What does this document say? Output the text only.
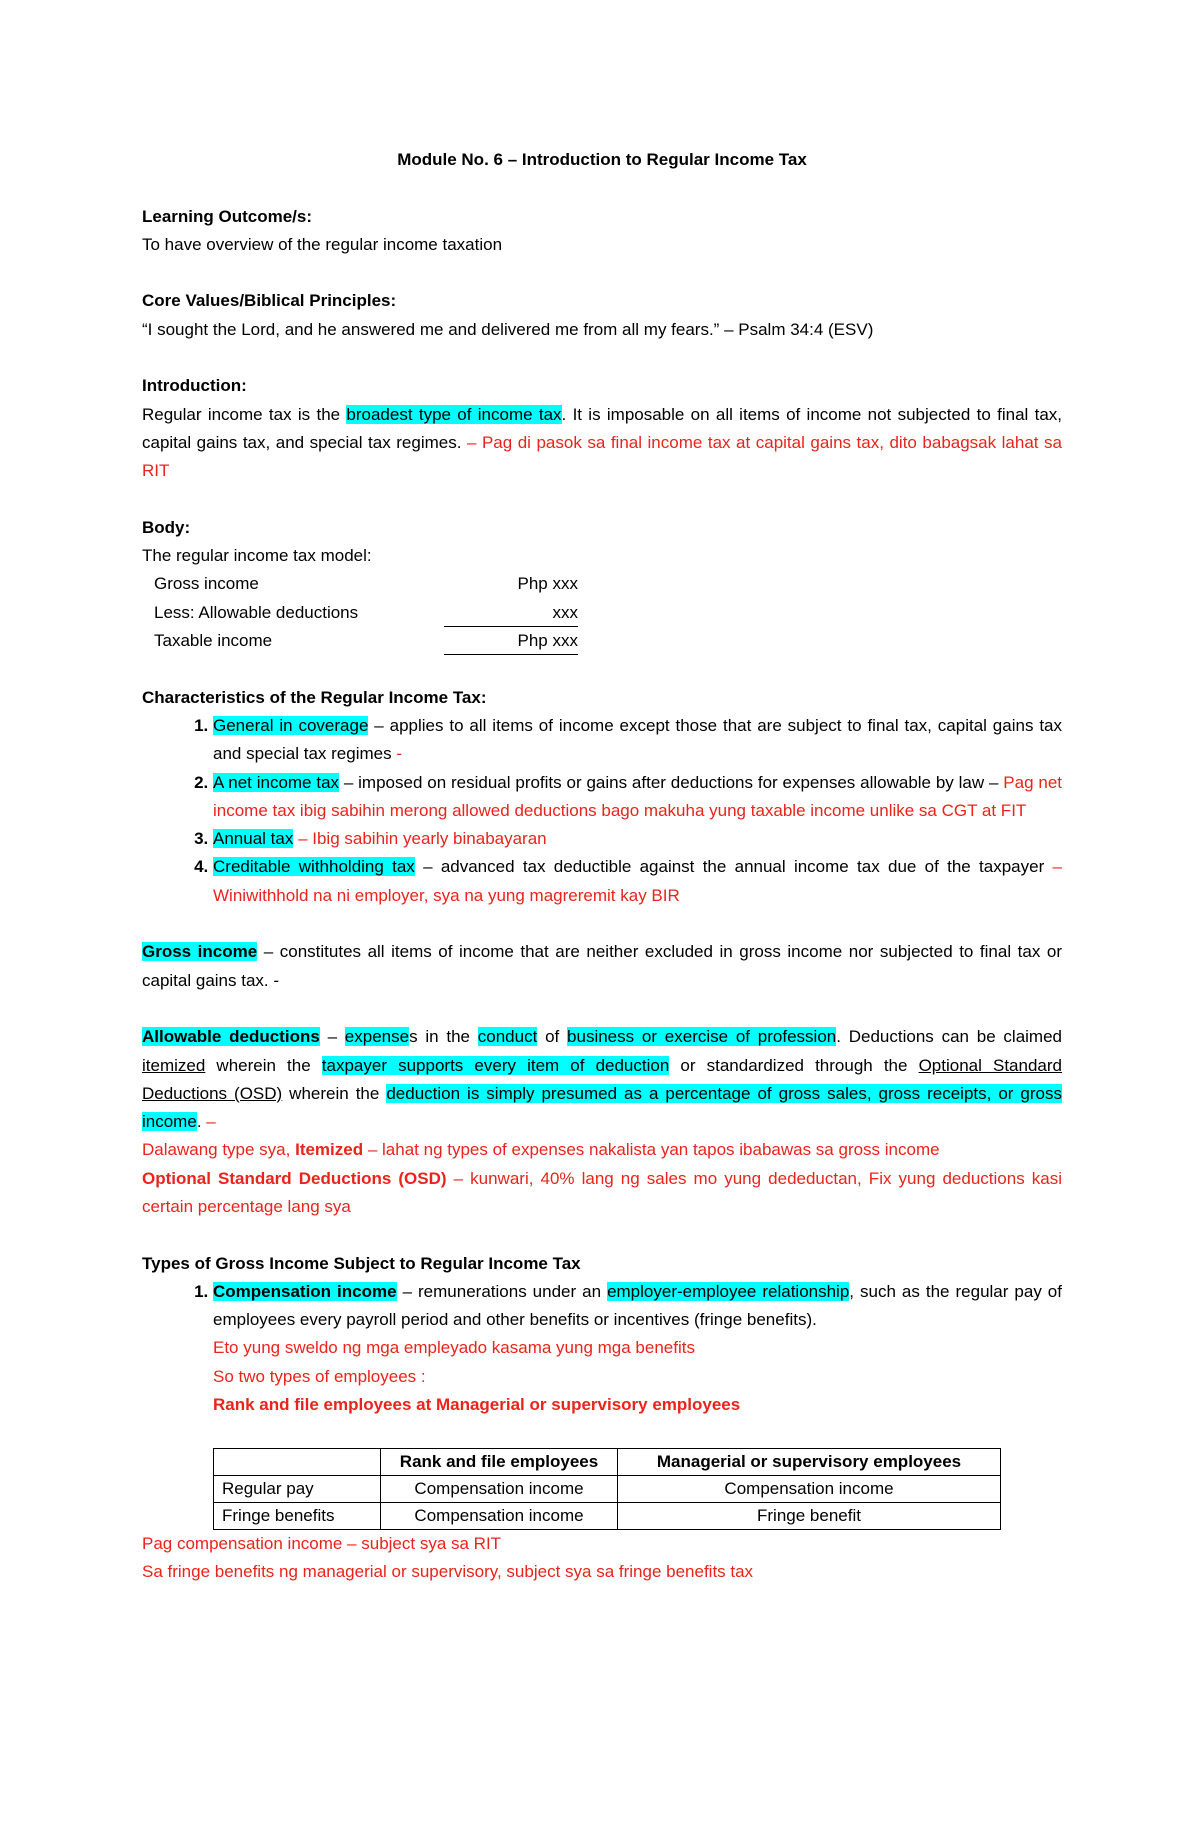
Module No. 6 – Introduction to Regular Income Tax

Learning Outcome/s:

To have overview of the regular income taxation

Core Values/Biblical Principles:

“I sought the Lord, and he answered me and delivered me from all my fears.” – Psalm 34:4 (ESV)

Introduction:

Regular income tax is the broadest type of income tax. It is imposable on all items of income not subjected to final tax, capital gains tax, and special tax regimes. – Pag di pasok sa final income tax at capital gains tax, dito babagsak lahat sa RIT

Body:

The regular income tax model:

Gross income	Php xxx
Less: Allowable deductions	xxx
Taxable income	Php xxx

Characteristics of the Regular Income Tax:

1. General in coverage – applies to all items of income except those that are subject to final tax, capital gains tax and special tax regimes -
2. A net income tax – imposed on residual profits or gains after deductions for expenses allowable by law – Pag net income tax ibig sabihin merong allowed deductions bago makuha yung taxable income unlike sa CGT at FIT
3. Annual tax – Ibig sabihin yearly binabayaran
4. Creditable withholding tax – advanced tax deductible against the annual income tax due of the taxpayer – Winiwithhold na ni employer, sya na yung magreremit kay BIR

Gross income – constitutes all items of income that are neither excluded in gross income nor subjected to final tax or capital gains tax. -

Allowable deductions – expenses in the conduct of business or exercise of profession. Deductions can be claimed itemized wherein the taxpayer supports every item of deduction or standardized through the Optional Standard Deductions (OSD) wherein the deduction is simply presumed as a percentage of gross sales, gross receipts, or gross income. –

Dalawang type sya, Itemized – lahat ng types of expenses nakalista yan tapos ibabawas sa gross income

Optional Standard Deductions (OSD) – kunwari, 40% lang ng sales mo yung dedeductan, Fix yung deductions kasi certain percentage lang sya

Types of Gross Income Subject to Regular Income Tax

1. Compensation income – remunerations under an employer-employee relationship, such as the regular pay of employees every payroll period and other benefits or incentives (fringe benefits).

Eto yung sweldo ng mga empleyado kasama yung mga benefits

So two types of employees :

Rank and file employees at Managerial or supervisory employees

	Rank and file employees	Managerial or supervisory employees
Regular pay	Compensation income	Compensation income
Fringe benefits	Compensation income	Fringe benefit

Pag compensation income – subject sya sa RIT

Sa fringe benefits ng managerial or supervisory, subject sya sa fringe benefits tax
